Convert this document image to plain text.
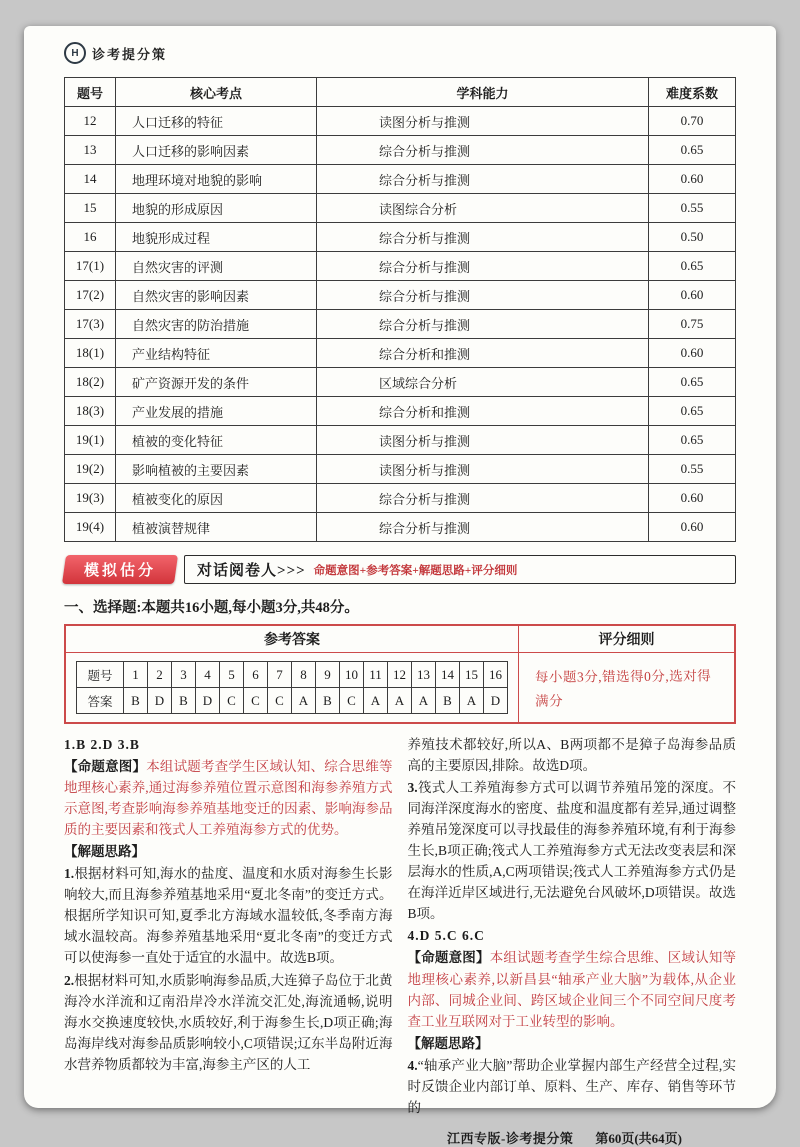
H	诊考提分策
题号	核心考点	学科能力	难度系数
12	人口迁移的特征	读图分析与推测	0.70
13	人口迁移的影响因素	综合分析与推测	0.65
14	地理环境对地貌的影响	综合分析与推测	0.60
15	地貌的形成原因	读图综合分析	0.55
16	地貌形成过程	综合分析与推测	0.50
17(1)	自然灾害的评测	综合分析与推测	0.65
17(2)	自然灾害的影响因素	综合分析与推测	0.60
17(3)	自然灾害的防治措施	综合分析与推测	0.75
18(1)	产业结构特征	综合分析和推测	0.60
18(2)	矿产资源开发的条件	区域综合分析	0.65
18(3)	产业发展的措施	综合分析和推测	0.65
19(1)	植被的变化特征	读图分析与推测	0.65
19(2)	影响植被的主要因素	读图分析与推测	0.55
19(3)	植被变化的原因	综合分析与推测	0.60
19(4)	植被演替规律	综合分析与推测	0.60
模拟估分	对话阅卷人>>> 命题意图+参考答案+解题思路+评分细则
一、选择题:本题共16小题,每小题3分,共48分。
参考答案	评分细则
题号	1	2	3	4	5	6	7	8	9	10	11	12	13	14	15	16
答案	B	D	B	D	C	C	C	A	B	C	A	A	A	B	A	D
每小题3分,错选得0分,选对得满分

1.B 2.D 3.B

【命题意图】本组试题考查学生区域认知、综合思维等地理核心素养,通过海参养殖位置示意图和海参养殖方式示意图,考查影响海参养殖基地变迁的因素、影响海参品质的主要因素和筏式人工养殖海参方式的优势。

【解题思路】

1.根据材料可知,海水的盐度、温度和水质对海参生长影响较大,而且海参养殖基地采用“夏北冬南”的变迁方式。根据所学知识可知,夏季北方海域水温较低,冬季南方海域水温较高。海参养殖基地采用“夏北冬南”的变迁方式可以使海参一直处于适宜的水温中。故选B项。

2.根据材料可知,水质影响海参品质,大连獐子岛位于北黄海冷水洋流和辽南沿岸冷水洋流交汇处,海流通畅,说明海水交换速度较快,水质较好,利于海参生长,D项正确;海岛海岸线对海参品质影响较小,C项错误;辽东半岛附近海水营养物质都较为丰富,海参主产区的人工

养殖技术都较好,所以A、B两项都不是獐子岛海参品质高的主要原因,排除。故选D项。

3.筏式人工养殖海参方式可以调节养殖吊笼的深度。不同海洋深度海水的密度、盐度和温度都有差异,通过调整养殖吊笼深度可以寻找最佳的海参养殖环境,有利于海参生长,B项正确;筏式人工养殖海参方式无法改变表层和深层海水的性质,A,C两项错误;筏式人工养殖海参方式仍是在海洋近岸区域进行,无法避免台风破坏,D项错误。故选B项。

4.D 5.C 6.C

【命题意图】本组试题考查学生综合思维、区域认知等地理核心素养,以新昌县“轴承产业大脑”为载体,从企业内部、同城企业间、跨区域企业间三个不同空间尺度考查工业互联网对于工业转型的影响。

【解题思路】

4.“轴承产业大脑”帮助企业掌握内部生产经营全过程,实时反馈企业内部订单、原料、生产、库存、销售等环节的

江西专版-诊考提分策 第60页(共64页)
